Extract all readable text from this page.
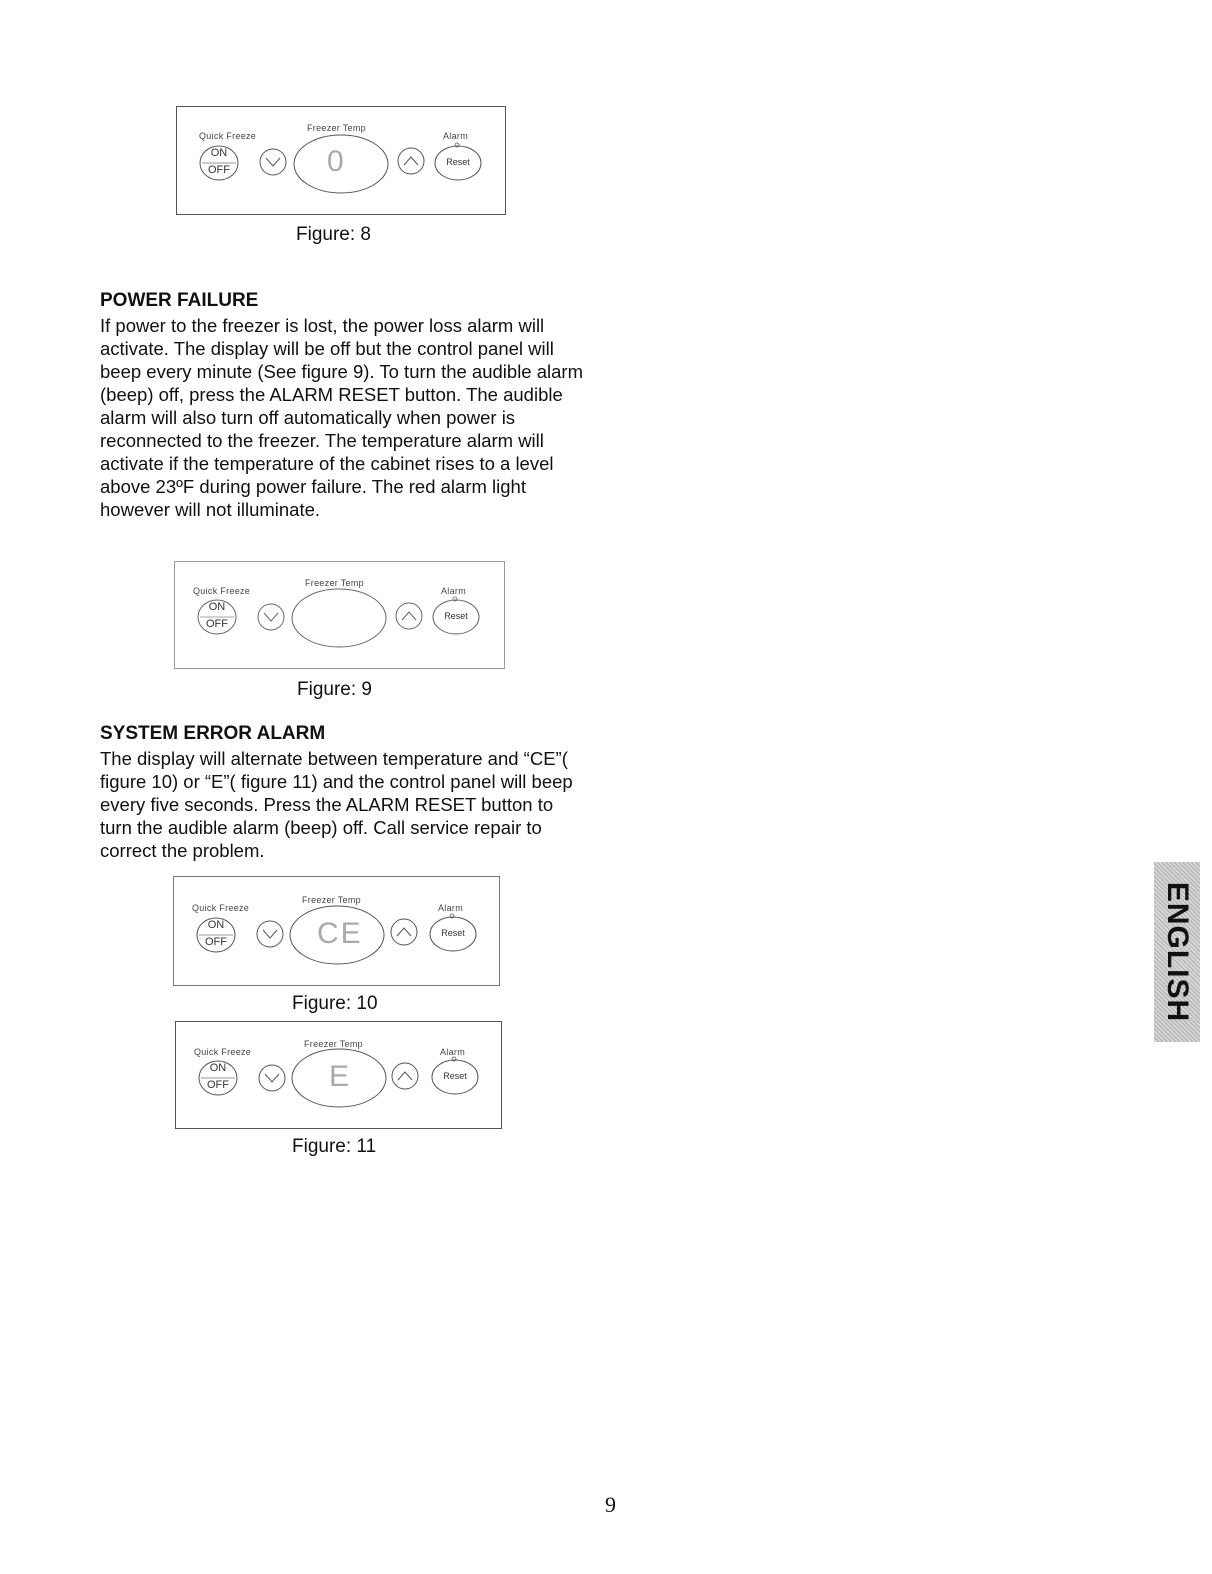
Quick Freeze
Freezer Temp
Alarm
ON
OFF
Reset
0
Figure: 8
POWER FAILURE
If power to the freezer is lost, the power loss alarm will activate. The display will be off but the control panel will beep every minute (See figure 9). To turn the audible alarm (beep) off, press the ALARM RESET button. The audible alarm will also turn off automatically when power is reconnected to the freezer. The temperature alarm will activate if the temperature of the cabinet rises to a level above 23ºF during power failure. The red alarm light however will not illuminate.
Quick Freeze
Freezer Temp
Alarm
ON
OFF
Reset
Figure: 9
SYSTEM ERROR ALARM
The display will alternate between temperature and “CE”( figure 10) or “E”( figure 11) and the control panel will beep every five seconds. Press the ALARM RESET button to turn the audible alarm (beep) off. Call service repair to correct the problem.
Quick Freeze
Freezer Temp
Alarm
ON
OFF
Reset
CE
Figure: 10
Quick Freeze
Freezer Temp
Alarm
ON
OFF
Reset
E
Figure: 11
ENGLISH
9
